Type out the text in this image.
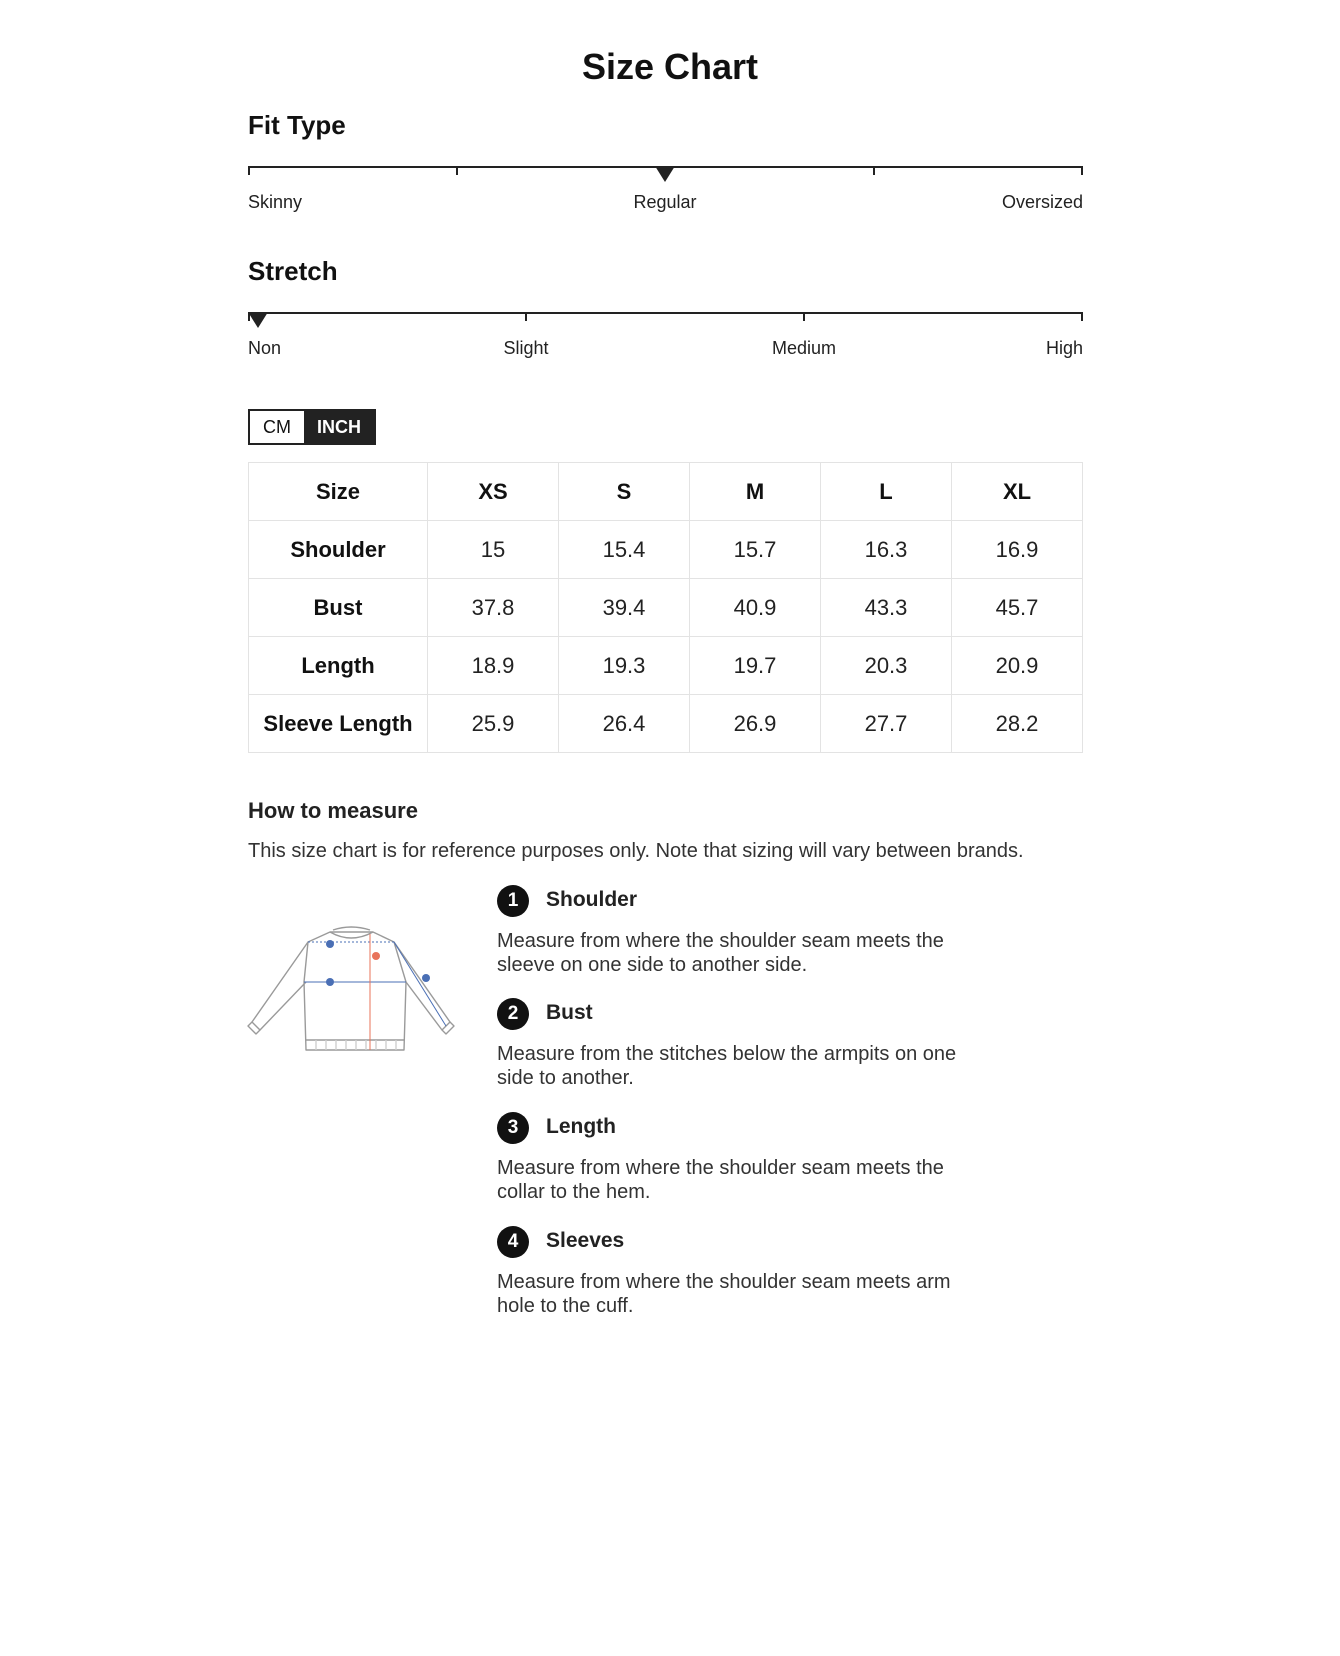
Size Chart
Fit Type
Skinny	Regular	Oversized
Stretch
Non	Slight	Medium	High
CM	INCH
Size	XS	S	M	L	XL
Shoulder	15	15.4	15.7	16.3	16.9
Bust	37.8	39.4	40.9	43.3	45.7
Length	18.9	19.3	19.7	20.3	20.9
Sleeve Length	25.9	26.4	26.9	27.7	28.2
How to measure
This size chart is for reference purposes only. Note that sizing will vary between brands.
1	Shoulder
Measure from where the shoulder seam meets the sleeve on one side to another side.
2	Bust
Measure from the stitches below the armpits on one side to another.
3	Length
Measure from where the shoulder seam meets the collar to the hem.
4	Sleeves
Measure from where the shoulder seam meets arm hole to the cuff.
